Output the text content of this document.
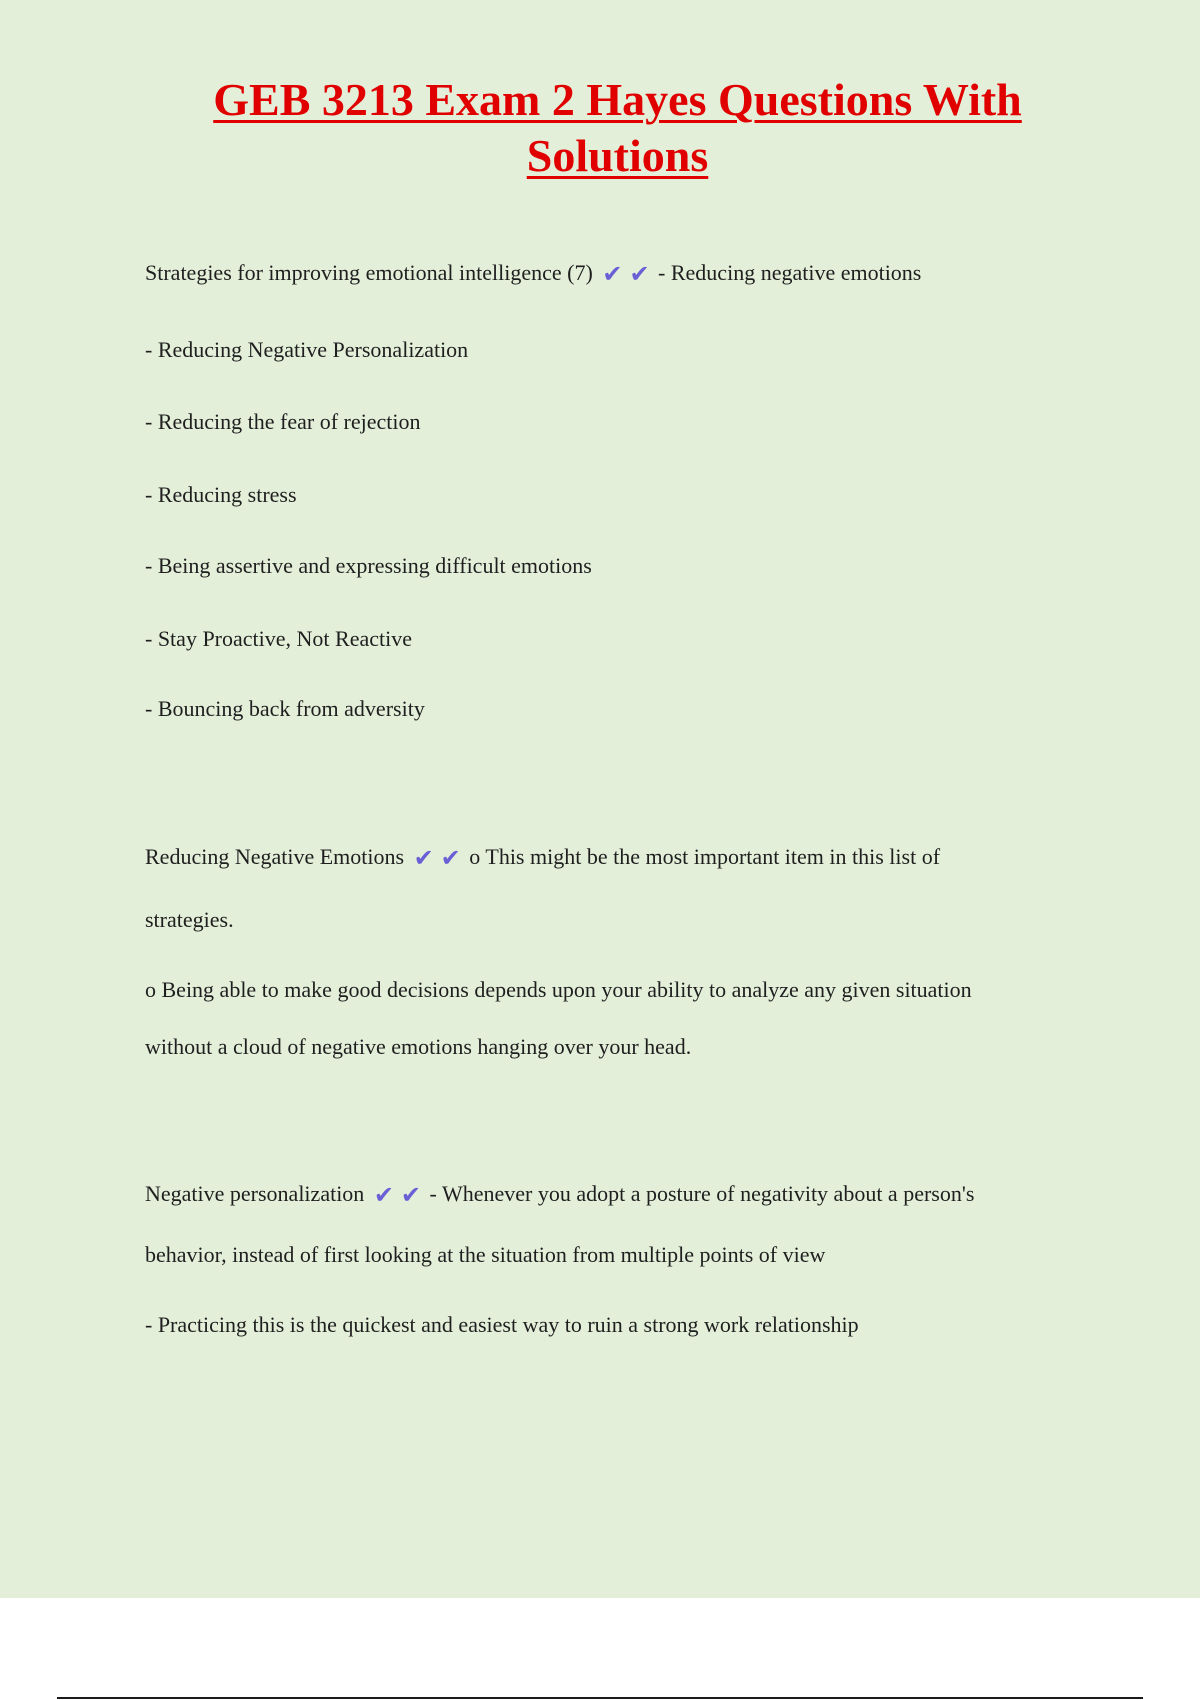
GEB 3213 Exam 2 Hayes Questions With Solutions
Strategies for improving emotional intelligence (7) ✔ ✔ - Reducing negative emotions
- Reducing Negative Personalization
- Reducing the fear of rejection
- Reducing stress
- Being assertive and expressing difficult emotions
- Stay Proactive, Not Reactive
- Bouncing back from adversity
Reducing Negative Emotions ✔ ✔ o This might be the most important item in this list of
strategies.
o Being able to make good decisions depends upon your ability to analyze any given situation
without a cloud of negative emotions hanging over your head.
Negative personalization ✔ ✔ - Whenever you adopt a posture of negativity about a person's
behavior, instead of first looking at the situation from multiple points of view
- Practicing this is the quickest and easiest way to ruin a strong work relationship
